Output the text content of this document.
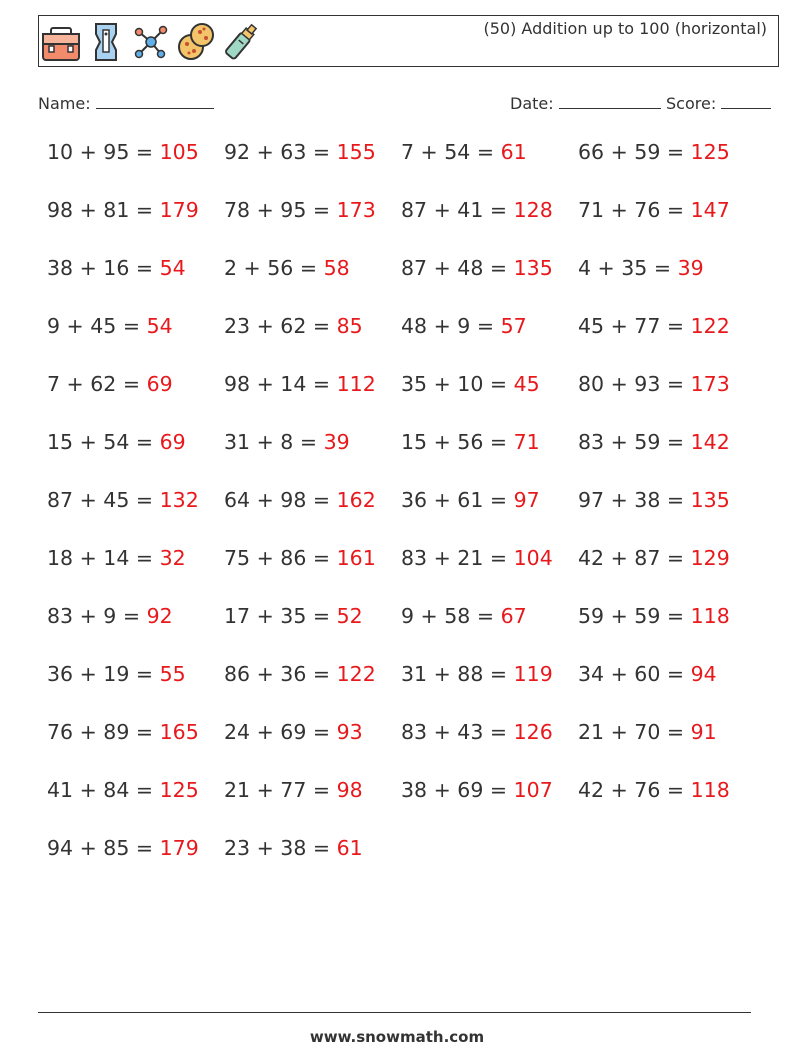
(50) Addition up to 100 (horizontal)
Name:	Date:	Score:
10 + 95 = 105 92 + 63 = 155 7 + 54 = 61	66 + 59 = 125
98 + 81 = 179 78 + 95 = 173 87 + 41 = 128 71 + 76 = 147
38 + 16 = 54 2 + 56 = 58	87 + 48 = 135 4 + 35 = 39
9 + 45 = 54	23 + 62 = 85 48 + 9 = 57	45 + 77 = 122
7 + 62 = 69	98 + 14 = 112 35 + 10 = 45 80 + 93 = 173
15 + 54 = 69 31 + 8 = 39	15 + 56 = 71 83 + 59 = 142
87 + 45 = 132 64 + 98 = 162 36 + 61 = 97 97 + 38 = 135
18 + 14 = 32 75 + 86 = 161 83 + 21 = 104 42 + 87 = 129
83 + 9 = 92	17 + 35 = 52 9 + 58 = 67	59 + 59 = 118
36 + 19 = 55 86 + 36 = 122 31 + 88 = 119 34 + 60 = 94
76 + 89 = 165 24 + 69 = 93 83 + 43 = 126 21 + 70 = 91
41 + 84 = 125 21 + 77 = 98 38 + 69 = 107 42 + 76 = 118
94 + 85 = 179 23 + 38 = 61
www.snowmath.com
